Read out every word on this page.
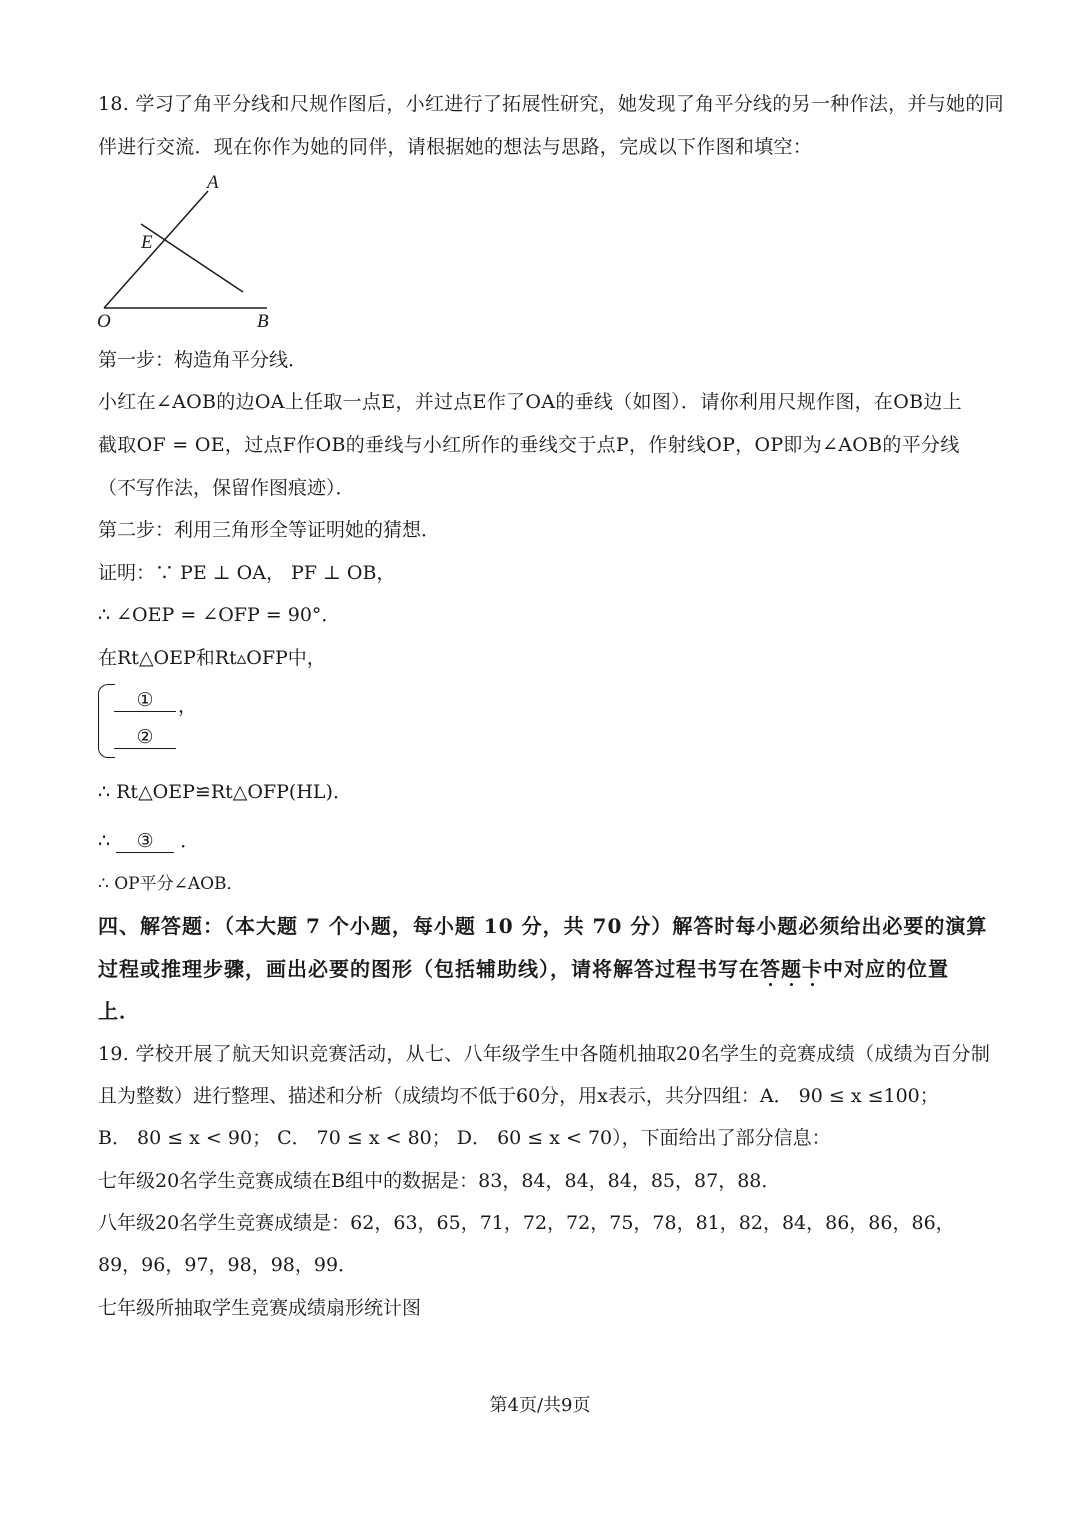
18. 学习了角平分线和尺规作图后，小红进行了拓展性研究，她发现了角平分线的另一种作法，并与她的同
伴进行交流．现在你作为她的同伴，请根据她的想法与思路，完成以下作图和填空：
A
E
O	B
第一步：构造角平分线．
小红在∠AOB的边OA上任取一点E，并过点E作了OA的垂线（如图）．请你利用尺规作图，在OB边上
截取OF = OE，过点F作OB的垂线与小红所作的垂线交于点P，作射线OP，OP即为∠AOB的平分线
（不写作法，保留作图痕迹）．
第二步：利用三角形全等证明她的猜想．
证明：∵ PE ⊥ OA， PF ⊥ OB，
∴ ∠OEP = ∠OFP = 90°．
在Rt△OEP和Rt▵OFP中，
①	，
②
∴ Rt△OEP≌Rt△OFP(HL)．
∴ ③ ．
∴ OP平分∠AOB．
四、解答题：（本大题 7 个小题，每小题 10 分，共 70 分）解答时每小题必须给出必要的演算
过程或推理步骤，画出必要的图形（包括辅助线），请将解答过程书写在答题卡中对应的位置
上．
19. 学校开展了航天知识竞赛活动，从七、八年级学生中各随机抽取20名学生的竞赛成绩（成绩为百分制
且为整数）进行整理、描述和分析（成绩均不低于60分，用x表示，共分四组：A． 90 ≤ x ≤100；
B． 80 ≤ x < 90； C． 70 ≤ x < 80； D． 60 ≤ x < 70），下面给出了部分信息：
七年级20名学生竞赛成绩在B组中的数据是：83，84，84，84，85，87，88．
八年级20名学生竞赛成绩是：62，63，65，71，72，72，75，78，81，82，84，86，86，86，
89，96，97，98，98，99．
七年级所抽取学生竞赛成绩扇形统计图
第4页/共9页
